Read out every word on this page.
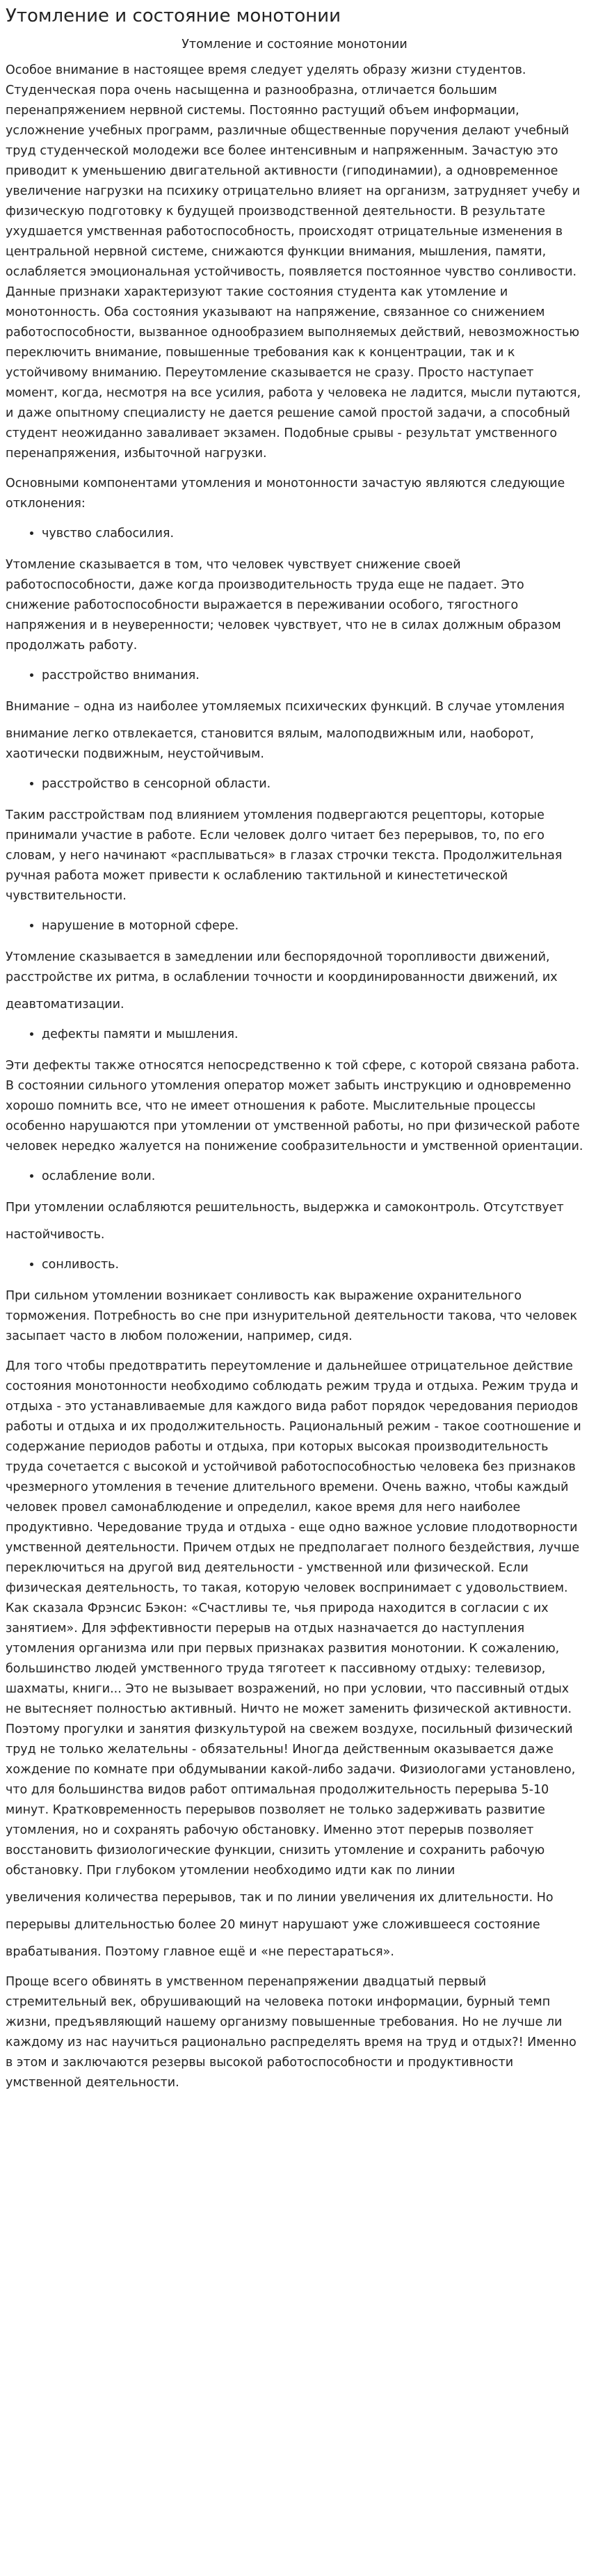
Утомление и состояние монотонии
Утомление и состояние монотонии

Особое внимание в настоящее время следует уделять образу жизни студентов. Студенческая пора очень насыщенна и разнообразна, отличается большим перенапряжением нервной системы. Постоянно растущий объем информации, усложнение учебных программ, различные общественные поручения делают учебный труд студенческой молодежи все более интенсивным и напряженным. Зачастую это приводит к уменьшению двигательной активности (гиподинамии), а одновременное увеличение нагрузки на психику отрицательно влияет на организм, затрудняет учебу и физическую подготовку к будущей производственной деятельности. В результате ухудшается умственная работоспособность, происходят отрицательные изменения в центральной нервной системе, снижаются функции внимания, мышления, памяти, ослабляется эмоциональная устойчивость, появляется постоянное чувство сонливости. Данные признаки характеризуют такие состояния студента как утомление и монотонность. Оба состояния указывают на напряжение, связанное со снижением работоспособности, вызванное однообразием выполняемых действий, невозможностью переключить внимание, повышенные требования как к концентрации, так и к устойчивому вниманию. Переутомление сказывается не сразу. Просто наступает момент, когда, несмотря на все усилия, работа у человека не ладится, мысли путаются, и даже опытному специалисту не дается решение самой простой задачи, а способный студент неожиданно заваливает экзамен. Подобные срывы - результат умственного перенапряжения, избыточной нагрузки.

Основными компонентами утомления и монотонности зачастую являются следующие отклонения:

• чувство слабосилия.

Утомление сказывается в том, что человек чувствует снижение своей работоспособности, даже когда производительность труда еще не падает. Это снижение работоспособности выражается в переживании особого, тягостного напряжения и в неуверенности; человек чувствует, что не в силах должным образом продолжать работу.

• расстройство внимания.

Внимание – одна из наиболее утомляемых психических функций. В случае утомления

внимание легко отвлекается, становится вялым, малоподвижным или, наоборот, хаотически подвижным, неустойчивым.

• расстройство в сенсорной области.

Таким расстройствам под влиянием утомления подвергаются рецепторы, которые принимали участие в работе. Если человек долго читает без перерывов, то, по его словам, у него начинают «расплываться» в глазах строчки текста. Продолжительная ручная работа может привести к ослаблению тактильной и кинестетической чувствительности.

• нарушение в моторной сфере.

Утомление сказывается в замедлении или беспорядочной торопливости движений, расстройстве их ритма, в ослаблении точности и координированности движений, их

деавтоматизации.

• дефекты памяти и мышления.

Эти дефекты также относятся непосредственно к той сфере, с которой связана работа. В состоянии сильного утомления оператор может забыть инструкцию и одновременно хорошо помнить все, что не имеет отношения к работе. Мыслительные процессы особенно нарушаются при утомлении от умственной работы, но при физической работе человек нередко жалуется на понижение сообразительности и умственной ориентации.

• ослабление воли.

При утомлении ослабляются решительность, выдержка и самоконтроль. Отсутствует

настойчивость.

• сонливость.

При сильном утомлении возникает сонливость как выражение охранительного торможения. Потребность во сне при изнурительной деятельности такова, что человек засыпает часто в любом положении, например, сидя.

Для того чтобы предотвратить переутомление и дальнейшее отрицательное действие состояния монотонности необходимо соблюдать режим труда и отдыха. Режим труда и отдыха - это устанавливаемые для каждого вида работ порядок чередования периодов работы и отдыха и их продолжительность. Рациональный режим - такое соотношение и содержание периодов работы и отдыха, при которых высокая производительность труда сочетается с высокой и устойчивой работоспособностью человека без признаков чрезмерного утомления в течение длительного времени. Очень важно, чтобы каждый человек провел самонаблюдение и определил, какое время для него наиболее продуктивно. Чередование труда и отдыха - еще одно важное условие плодотворности умственной деятельности. Причем отдых не предполагает полного бездействия, лучше переключиться на другой вид деятельности - умственной или физической. Если физическая деятельность, то такая, которую человек воспринимает с удовольствием. Как сказала Фрэнсис Бэкон: «Счастливы те, чья природа находится в согласии с их занятием». Для эффективности перерыв на отдых назначается до наступления утомления организма или при первых признаках развития монотонии. К сожалению, большинство людей умственного труда тяготеет к пассивному отдыху: телевизор, шахматы, книги... Это не вызывает возражений, но при условии, что пассивный отдых не вытесняет полностью активный. Ничто не может заменить физической активности. Поэтому прогулки и занятия физкультурой на свежем воздухе, посильный физический труд не только желательны - обязательны! Иногда действенным оказывается даже хождение по комнате при обдумывании какой-либо задачи. Физиологами установлено, что для большинства видов работ оптимальная продолжительность перерыва 5-10 минут. Кратковременность перерывов позволяет не только задерживать развитие утомления, но и сохранять рабочую обстановку. Именно этот перерыв позволяет восстановить физиологические функции, снизить утомление и сохранить рабочую обстановку. При глубоком утомлении необходимо идти как по линии

увеличения количества перерывов, так и по линии увеличения их длительности. Но

перерывы длительностью более 20 минут нарушают уже сложившееся состояние

врабатывания. Поэтому главное ещё и «не перестараться».

Проще всего обвинять в умственном перенапряжении двадцатый первый стремительный век, обрушивающий на человека потоки информации, бурный темп жизни, предъявляющий нашему организму повышенные требования. Но не лучше ли каждому из нас научиться рационально распределять время на труд и отдых?! Именно в этом и заключаются резервы высокой работоспособности и продуктивности умственной деятельности.
